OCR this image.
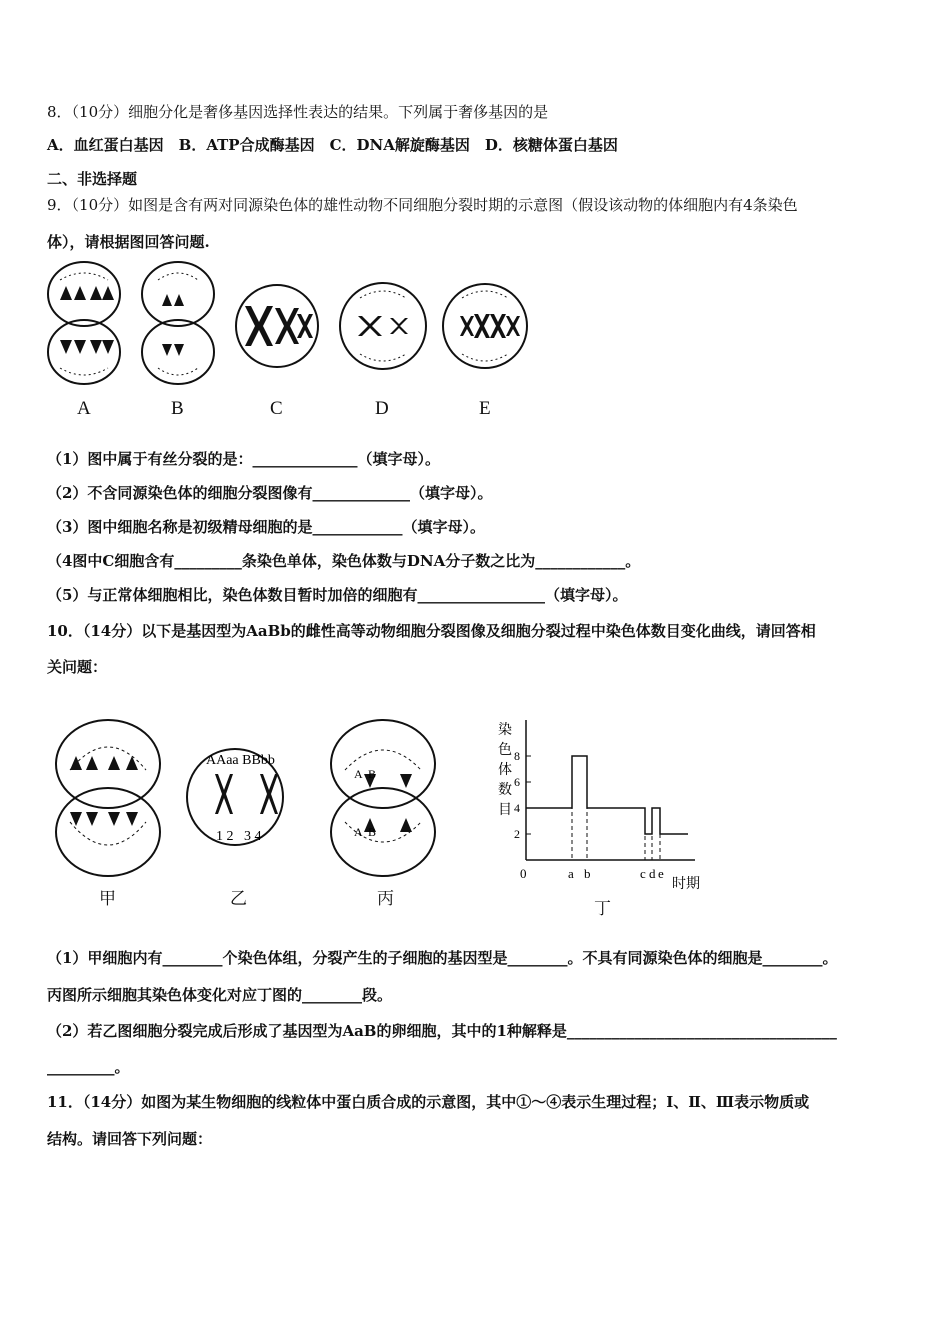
8．（10分）细胞分化是奢侈基因选择性表达的结果。下列属于奢侈基因的是
A．血红蛋白基因　B．ATP合成酶基因　C．DNA解旋酶基因　D．核糖体蛋白基因
二、非选择题
9．（10分）如图是含有两对同源染色体的雄性动物不同细胞分裂时期的示意图（假设该动物的体细胞内有4条染色
体），请根据图回答问题.
A	B	C	D	E
（1）图中属于有丝分裂的是：______________（填字母）。
（2）不含同源染色体的细胞分裂图像有_____________（填字母）。
（3）图中细胞名称是初级精母细胞的是____________（填字母）。
（4图中C细胞含有_________条染色单体，染色体数与DNA分子数之比为____________。
（5）与正常体细胞相比，染色体数目暂时加倍的细胞有_________________（填字母）。
10．（14分）以下是基因型为AaBb的雌性高等动物细胞分裂图像及细胞分裂过程中染色体数目变化曲线，请回答相
关问题：
AAaa BBbb
1 2   3 4
A  B
A  B
染
色
体
数
目
2
4
6
8
0	a b	c d e
时期
甲	乙	丙
丁
（1）甲细胞内有________个染色体组，分裂产生的子细胞的基因型是________。不具有同源染色体的细胞是________。
丙图所示细胞其染色体变化对应丁图的________段。
（2）若乙图细胞分裂完成后形成了基因型为AaB的卵细胞，其中的1种解释是____________________________________
_________。
11．（14分）如图为某生物细胞的线粒体中蛋白质合成的示意图，其中①～④表示生理过程；Ⅰ、Ⅱ、Ⅲ表示物质或
结构。请回答下列问题：
